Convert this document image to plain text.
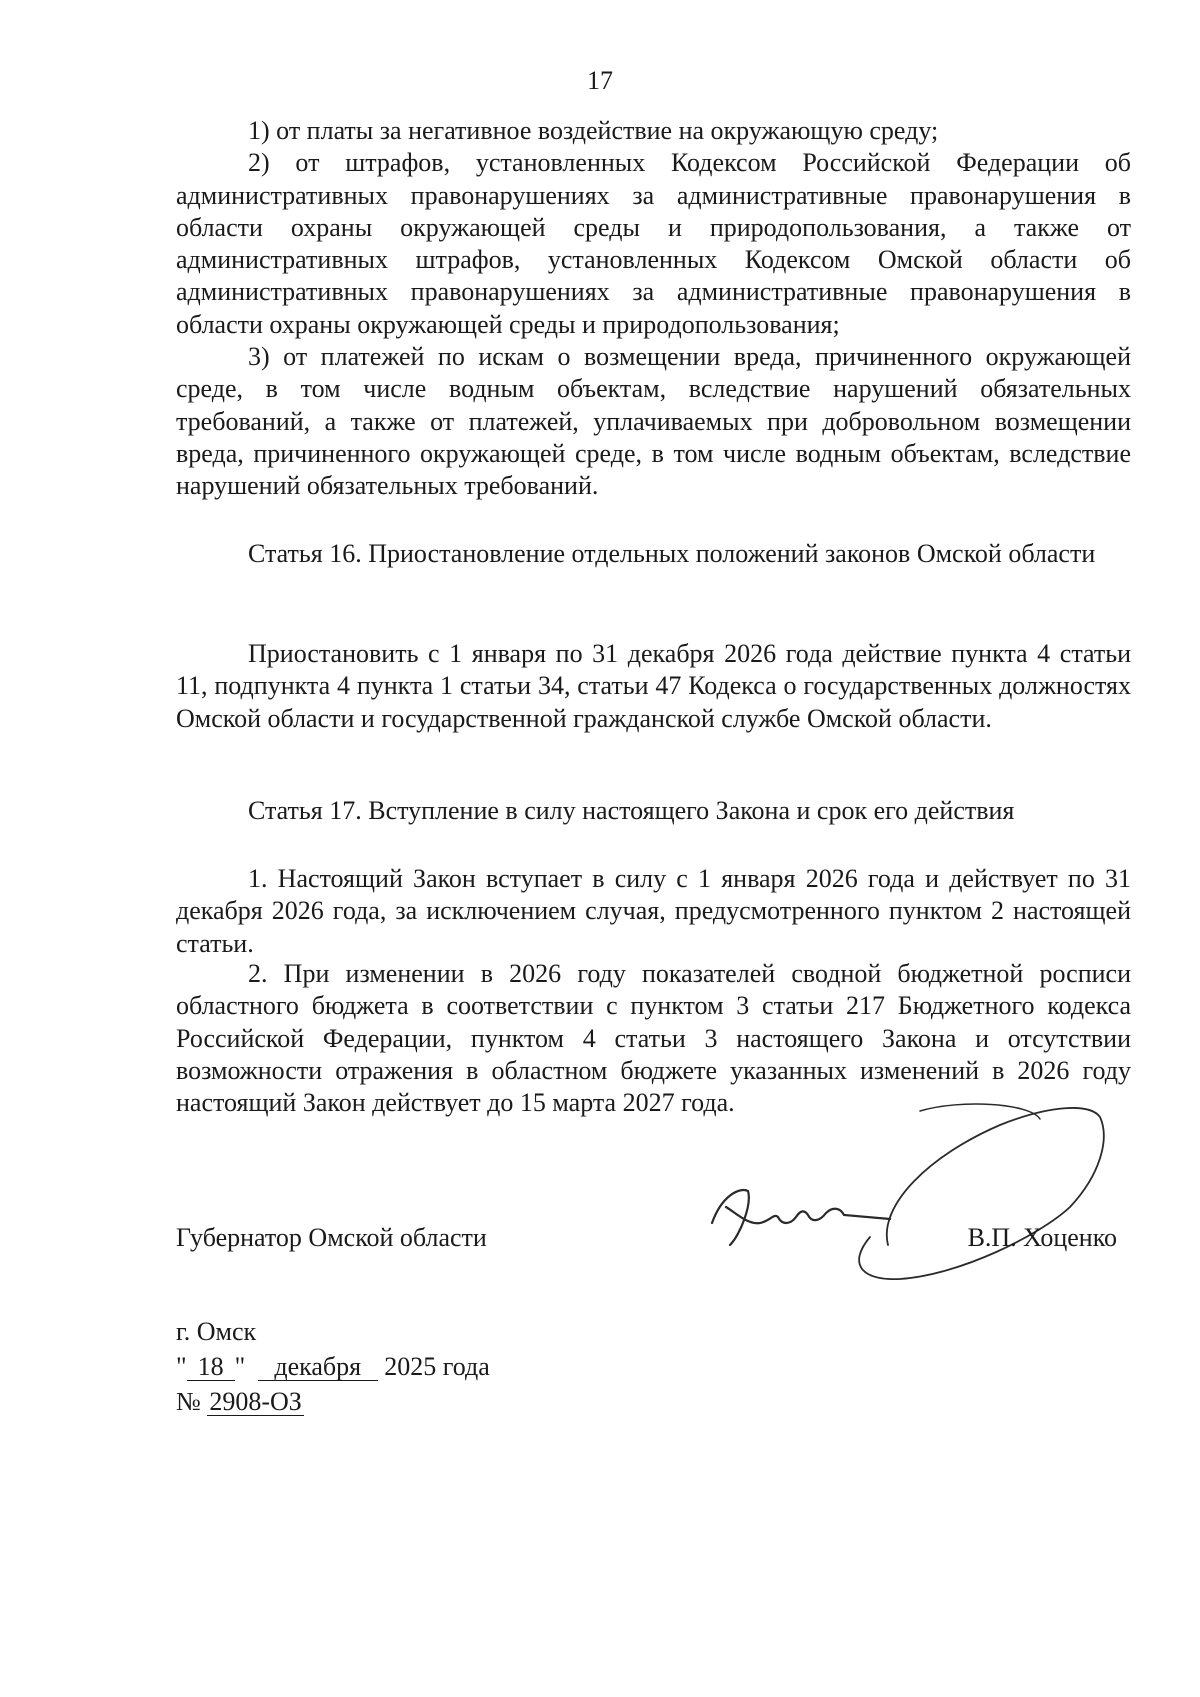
17

1) от платы за негативное воздействие на окружающую среду;

2) от штрафов, установленных Кодексом Российской Федерации об административных правонарушениях за административные правонарушения в области охраны окружающей среды и природопользования, а также от административных штрафов, установленных Кодексом Омской области об административных правонарушениях за административные правонарушения в области охраны окружающей среды и природопользования;

3) от платежей по искам о возмещении вреда, причиненного окружающей среде, в том числе водным объектам, вследствие нарушений обязательных требований, а также от платежей, уплачиваемых при добровольном возмещении вреда, причиненного окружающей среде, в том числе водным объектам, вследствие нарушений обязательных требований.

Статья 16. Приостановление отдельных положений законов Омской области

Приостановить с 1 января по 31 декабря 2026 года действие пункта 4 статьи 11, подпункта 4 пункта 1 статьи 34, статьи 47 Кодекса о государственных должностях Омской области и государственной гражданской службе Омской области.

Статья 17. Вступление в силу настоящего Закона и срок его действия

1. Настоящий Закон вступает в силу с 1 января 2026 года и действует по 31 декабря 2026 года, за исключением случая, предусмотренного пунктом 2 настоящей статьи.

2. При изменении в 2026 году показателей сводной бюджетной росписи областного бюджета в соответствии с пунктом 3 статьи 217 Бюджетного кодекса Российской Федерации, пунктом 4 статьи 3 настоящего Закона и отсутствии возможности отражения в областном бюджете указанных изменений в 2026 году настоящий Закон действует до 15 марта 2027 года.

Губернатор Омской области	В.П. Хоценко
г. Омск
" 18 " декабря 2025 года
№ 2908-ОЗ
